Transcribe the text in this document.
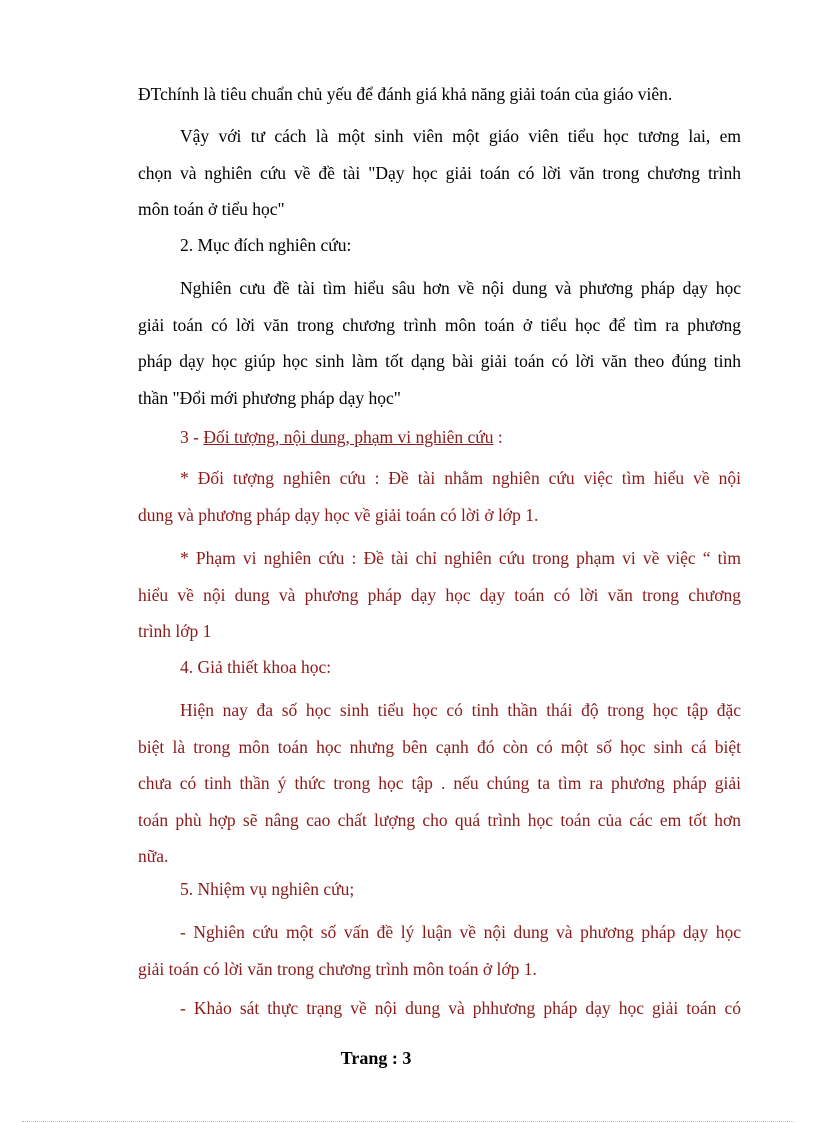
ĐTchính là tiêu chuẩn chủ yếu để đánh giá khả năng giải toán của giáo viên.

Vậy với tư cách là một sinh viên một giáo viên tiểu học tương lai, em
chọn và nghiên cứu về đề tài "Dạy học giải toán có lời văn trong chương trình
môn toán ở tiểu học"

2. Mục đích nghiên cứu:

Nghiên cưu đề tài tìm hiểu sâu hơn về nội dung và phương pháp dạy học
giải toán có lời văn trong chương trình môn toán ở tiểu học để tìm ra phương
pháp dạy học giúp học sinh làm tốt dạng bài giải toán có lời văn theo đúng tinh
thần "Đổi mới phương pháp dạy học"

3 - Đối tượng, nội dung, phạm vi nghiên cứu :

* Đối tượng nghiên cứu : Đề tài nhằm nghiên cứu việc tìm hiểu về nội
dung và phương pháp dạy học về giải toán có lời ở lớp 1.

* Phạm vi nghiên cứu : Đề tài chỉ nghiên cứu trong phạm vi về việc “ tìm
hiểu về nội dung và phương pháp dạy học dạy toán có lời văn trong chương
trình lớp 1

4. Giả thiết khoa học:

Hiện nay đa số học sinh tiểu học có tinh thần thái độ trong học tập đặc
biệt là trong môn toán học nhưng bên cạnh đó còn có một số học sinh cá biệt
chưa có tinh thần ý thức trong học tập . nếu chúng ta tìm ra phương pháp giải
toán phù hợp sẽ nâng cao chất lượng cho quá trình học toán của các em tốt hơn
nữa.

5. Nhiệm vụ nghiên cứu;

- Nghiên cứu một số vấn đề lý luận về nội dung và phương pháp dạy học
giải toán có lời văn trong chương trình môn toán ở lớp 1.

- Khảo sát thực trạng về nội dung và phhương pháp dạy học giải toán có

Trang : 3
